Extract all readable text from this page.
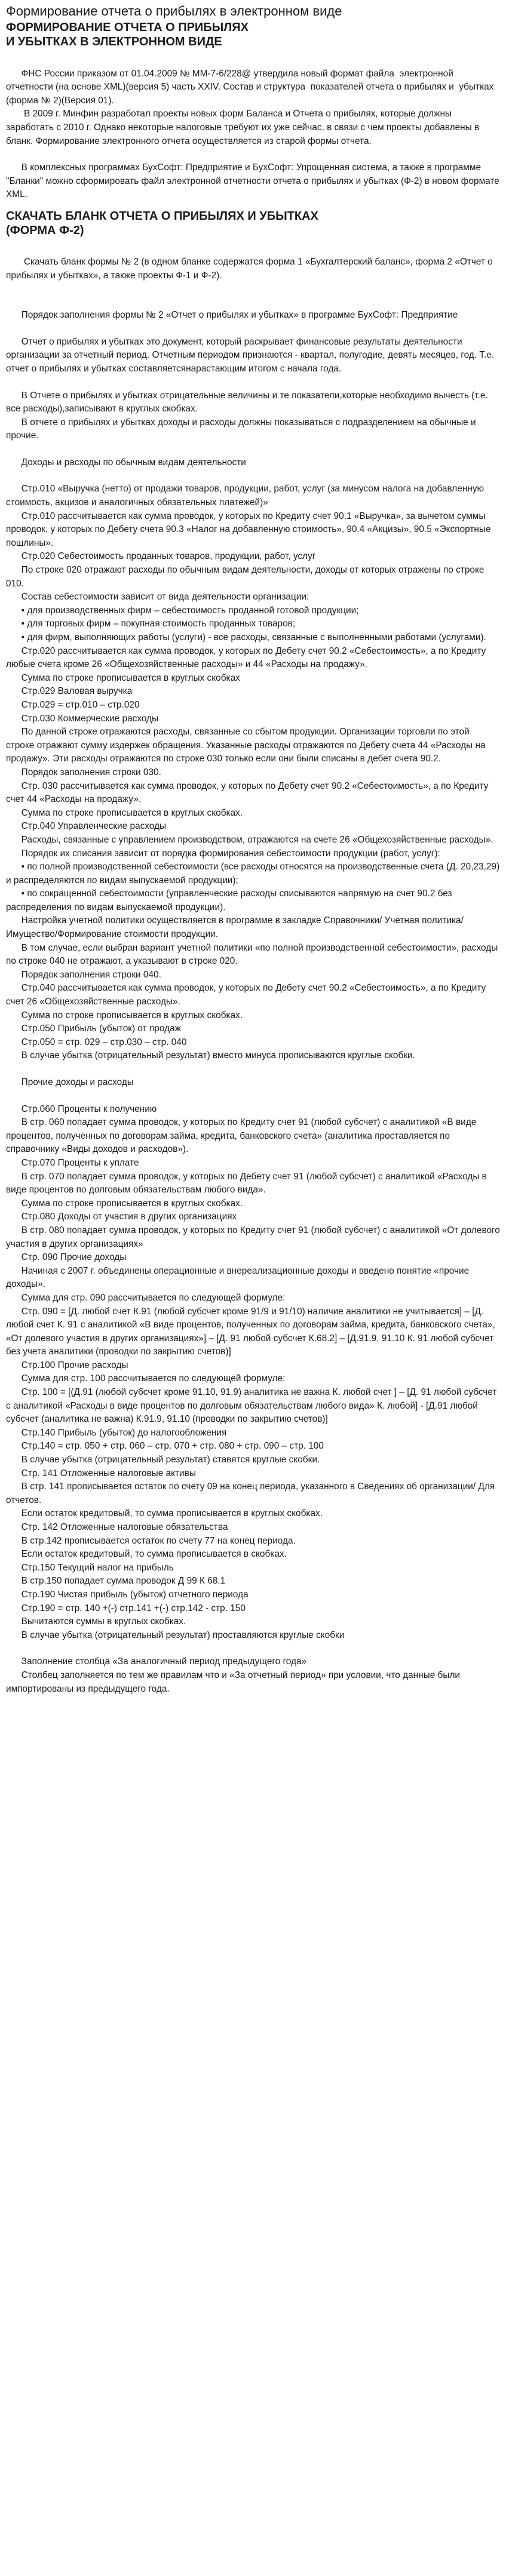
Формирование отчета о прибылях в электронном виде
ФОРМИРОВАНИЕ ОТЧЕТА О ПРИБЫЛЯХ
И УБЫТКАХ В ЭЛЕКТРОННОМ ВИДЕ

ФНС России приказом от 01.04.2009 № ММ-7-6/228@ утвердила новый формат файла  электронной отчетности (на основе XML)(версия 5) часть XXIV. Состав и структура  показателей отчета о прибылях и  убытках (форма № 2)(Версия 01).
В 2009 г. Минфин разработал проекты новых форм Баланса и Отчета о прибылях, которые должны заработать с 2010 г. Однако некоторые налоговые требуют их уже сейчас, в связи с чем проекты добавлены в бланк. Формирование электронного отчета осуществляется из старой формы отчета.
В комплексных программах БухСофт: Предприятие и БухСофт: Упрощенная система, а также в программе "Бланки" можно сформировать файл электронной отчетности отчета о прибылях и убытках (Ф-2) в новом формате XML.
СКАЧАТЬ БЛАНК ОТЧЕТА О ПРИБЫЛЯХ И УБЫТКАХ
(ФОРМА Ф-2)
Скачать бланк формы № 2 (в одном бланке содержатся форма 1 «Бухгалтерский баланс», форма 2 «Отчет о прибылях и убытках», а также проекты Ф-1 и Ф-2).
Порядок заполнения формы № 2 «Отчет о прибылях и убытках» в программе БухСофт: Предприятие
Отчет о прибылях и убытках это документ, который раскрывает финансовые результаты деятельности организации за отчетный период. Отчетным периодом признаются - квартал, полугодие, девять месяцев, год. Т.е. отчет о прибылях и убытках составляетсянарастающим итогом с начала года.
В Отчете о прибылях и убытках отрицательные величины и те показатели,которые необходимо вычесть (т.е. все расходы),записывают в круглых скобках.
В отчете о прибылях и убытках доходы и расходы должны показываться с подразделением на обычные и прочие.
Доходы и расходы по обычным видам деятельности
Стр.010 «Выручка (нетто) от продажи товаров, продукции, работ, услуг (за минусом налога на добавленную стоимость, акцизов и аналогичных обязательных платежей)»
Стр.010 рассчитывается как сумма проводок, у которых по Кредиту счет 90.1 «Выручка», за вычетом суммы проводок, у которых по Дебету счета 90.3 «Налог на добавленную стоимость», 90.4 «Акцизы», 90.5 «Экспортные пошлины».
Стр.020 Себестоимость проданных товаров, продукции, работ, услуг
По строке 020 отражают расходы по обычным видам деятельности, доходы от которых отражены по строке 010.
Состав себестоимости зависит от вида деятельности организации:
• для производственных фирм – себестоимость проданной готовой продукции;
• для торговых фирм – покупная стоимость проданных товаров;
• для фирм, выполняющих работы (услуги) - все расходы, связанные с выполненными работами (услугами).
Стр.020 рассчитывается как сумма проводок, у которых по Дебету счет 90.2 «Себестоимость», а по Кредиту любые счета кроме 26 «Общехозяйственные расходы» и 44 «Расходы на продажу».
Сумма по строке прописывается в круглых скобках
Стр.029 Валовая выручка
Стр.029 = стр.010 – стр.020
Стр.030 Коммерческие расходы
По данной строке отражаются расходы, связанные со сбытом продукции. Организации торговли по этой строке отражают сумму издержек обращения. Указанные расходы отражаются по Дебету счета 44 «Расходы на продажу». Эти расходы отражаются по строке 030 только если они были списаны в дебет счета 90.2.
Порядок заполнения строки 030.
Стр. 030 рассчитывается как сумма проводок, у которых по Дебету счет 90.2 «Себестоимость», а по Кредиту счет 44 «Расходы на продажу».
Сумма по строке прописывается в круглых скобках.
Стр.040 Управленческие расходы
Расходы, связанные с управлением производством, отражаются на счете 26 «Общехозяйственные расходы».
Порядок их списания зависит от порядка формирования себестоимости продукции (работ, услуг):
• по полной производственной себестоимости (все расходы относятся на производственные счета (Д. 20,23,29) и распределяются по видам выпускаемой продукции);
• по сокращенной себестоимости (управленческие расходы списываются напрямую на счет 90.2 без распределения по видам выпускаемой продукции).
Настройка учетной политики осуществляется в программе в закладке Справочники/ Учетная политика/ Имущество/Формирование стоимости продукции.
В том случае, если выбран вариант учетной политики «по полной производственной себестоимости», расходы по строке 040 не отражают, а указывают в строке 020.
Порядок заполнения строки 040.
Стр.040 рассчитывается как сумма проводок, у которых по Дебету счет 90.2 «Себестоимость», а по Кредиту счет 26 «Общехозяйственные расходы».
Сумма по строке прописывается в круглых скобках.
Стр.050 Прибыль (убыток) от продаж
Стр.050 = стр. 029 – стр.030 – стр. 040
В случае убытка (отрицательный результат) вместо минуса прописываются круглые скобки.
Прочие доходы и расходы
Стр.060 Проценты к получению
В стр. 060 попадает сумма проводок, у которых по Кредиту счет 91 (любой субсчет) с аналитикой «В виде процентов, полученных по договорам займа, кредита, банковского счета» (аналитика проставляется по справочнику «Виды доходов и расходов»).
Стр.070 Проценты к уплате
В стр. 070 попадает сумма проводок, у которых по Дебету счет 91 (любой субсчет) с аналитикой «Расходы в виде процентов по долговым обязательствам любого вида».
Сумма по строке прописывается в круглых скобках.
Стр.080 Доходы от участия в других организациях
В стр. 080 попадает сумма проводок, у которых по Кредиту счет 91 (любой субсчет) с аналитикой «От долевого участия в других организациях»
Стр. 090 Прочие доходы
Начиная с 2007 г. объединены операционные и внереализационные доходы и введено понятие «прочие доходы».
Сумма для стр. 090 рассчитывается по следующей формуле:
Стр. 090 = [Д. любой счет К.91 (любой субсчет кроме 91/9 и 91/10) наличие аналитики не учитывается] – [Д. любой счет К. 91 с аналитикой «В виде процентов, полученных по договорам займа, кредита, банковского счета», «От долевого участия в других организациях»] – [Д. 91 любой субсчет К.68.2] – [Д.91.9, 91.10 К. 91 любой субсчет без учета аналитики (проводки по закрытию счетов)]
Стр.100 Прочие расходы
Сумма для стр. 100 рассчитывается по следующей формуле:
Стр. 100 = [(Д.91 (любой субсчет кроме 91.10, 91.9) аналитика не важна К. любой счет ] – [Д. 91 любой субсчет с аналитикой «Расходы в виде процентов по долговым обязательствам любого вида» К. любой] - [Д.91 любой субсчет (аналитика не важна) К.91.9, 91.10 (проводки по закрытию счетов)]
Стр.140 Прибыль (убыток) до налогообложения
Стр.140 = стр. 050 + стр. 060 – стр. 070 + стр. 080 + стр. 090 – стр. 100
В случае убытка (отрицательный результат) ставятся круглые скобки.
Стр. 141 Отложенные налоговые активы
В стр. 141 прописывается остаток по счету 09 на конец периода, указанного в Сведениях об организации/ Для отчетов.
Если остаток кредитовый, то сумма прописывается в круглых скобках.
Стр. 142 Отложенные налоговые обязательства
В стр.142 прописывается остаток по счету 77 на конец периода.
Если остаток кредитовый, то сумма прописывается в скобках.
Стр.150 Текущий налог на прибыль
В стр.150 попадает сумма проводок Д 99 К 68.1
Стр.190 Чистая прибыль (убыток) отчетного периода
Стр.190 = стр. 140 +(-) стр.141 +(-) стр.142 - стр. 150
Вычитаются суммы в круглых скобках.
В случае убытка (отрицательный результат) проставляются круглые скобки
Заполнение столбца «За аналогичный период предыдущего года»
Столбец заполняется по тем же правилам что и «За отчетный период» при условии, что данные были импортированы из предыдущего года.
